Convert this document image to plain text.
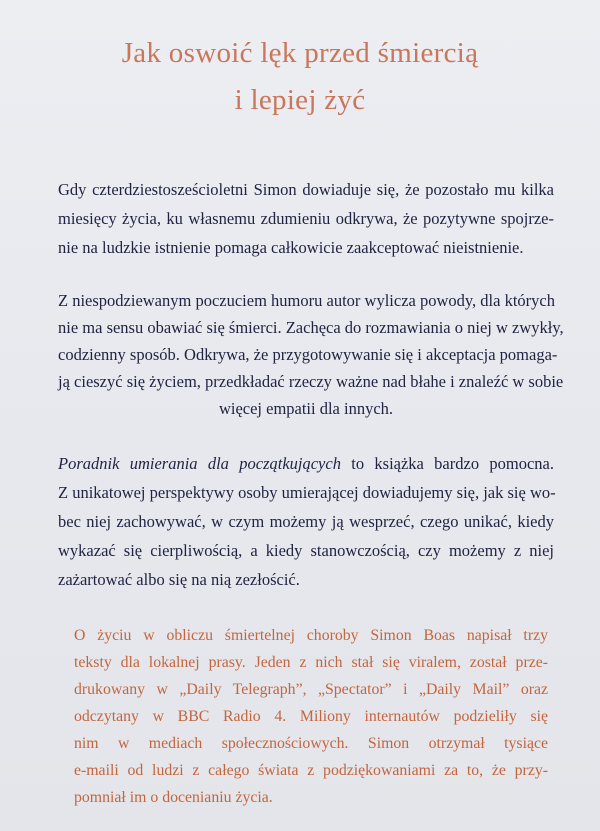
Jak oswoić lęk przed śmiercią
i lepiej żyć
Gdy czterdziestosześcioletni Simon dowiaduje się, że pozostało mu kilka
miesięcy życia, ku własnemu zdumieniu odkrywa, że pozytywne spojrze-
nie na ludzkie istnienie pomaga całkowicie zaakceptować nieistnienie.
Z niespodziewanym poczuciem humoru autor wylicza powody, dla których
nie ma sensu obawiać się śmierci. Zachęca do rozmawiania o niej w zwykły,
codzienny sposób. Odkrywa, że przygotowywanie się i akceptacja pomaga-
ją cieszyć się życiem, przedkładać rzeczy ważne nad błahe i znaleźć w sobie
więcej empatii dla innych.
Poradnik umierania dla początkujących to książka bardzo pomocna.
Z unikatowej perspektywy osoby umierającej dowiadujemy się, jak się wo-
bec niej zachowywać, w czym możemy ją wesprzeć, czego unikać, kiedy
wykazać się cierpliwością, a kiedy stanowczością, czy możemy z niej
zażartować albo się na nią zezłościć.
O życiu w obliczu śmiertelnej choroby Simon Boas napisał trzy
teksty dla lokalnej prasy. Jeden z nich stał się viralem, został prze-
drukowany w „Daily Telegraph”, „Spectator” i „Daily Mail” oraz
odczytany w BBC Radio 4. Miliony internautów podzieliły się
nim w mediach społecznościowych. Simon otrzymał tysiące
e-maili od ludzi z całego świata z podziękowaniami za to, że przy-
pomniał im o docenianiu życia.
